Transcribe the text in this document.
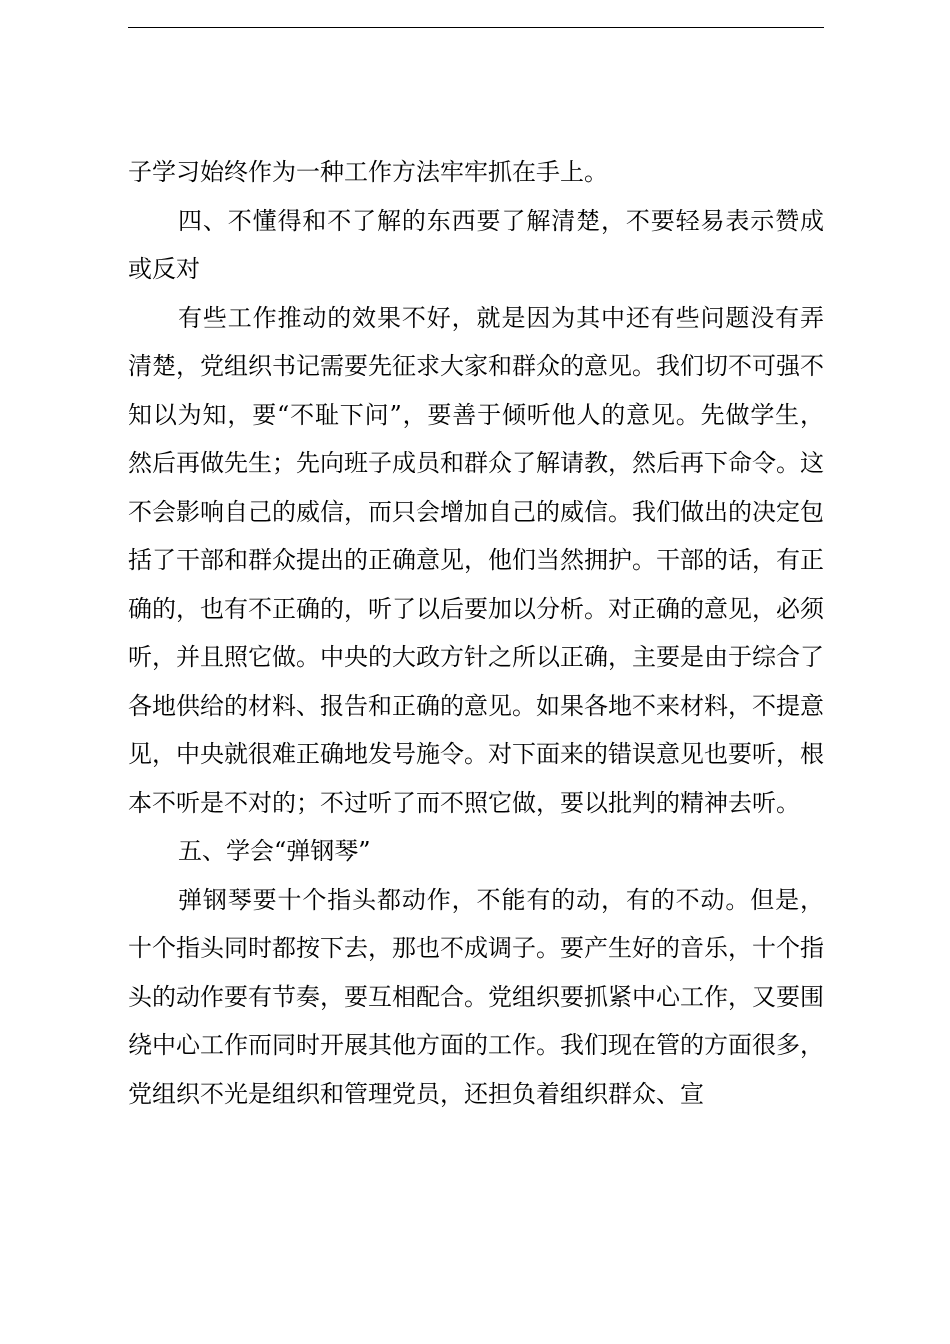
子学习始终作为一种工作方法牢牢抓在手上。

四、不懂得和不了解的东西要了解清楚，不要轻易表示赞成或反对

有些工作推动的效果不好，就是因为其中还有些问题没有弄清楚，党组织书记需要先征求大家和群众的意见。我们切不可强不知以为知，要“不耻下问”，要善于倾听他人的意见。先做学生，然后再做先生；先向班子成员和群众了解请教，然后再下命令。这不会影响自己的威信，而只会增加自己的威信。我们做出的决定包括了干部和群众提出的正确意见，他们当然拥护。干部的话，有正确的，也有不正确的，听了以后要加以分析。对正确的意见，必须听，并且照它做。中央的大政方针之所以正确，主要是由于综合了各地供给的材料、报告和正确的意见。如果各地不来材料，不提意见，中央就很难正确地发号施令。对下面来的错误意见也要听，根本不听是不对的；不过听了而不照它做，要以批判的精神去听。

五、学会“弹钢琴”

弹钢琴要十个指头都动作，不能有的动，有的不动。但是，十个指头同时都按下去，那也不成调子。要产生好的音乐，十个指头的动作要有节奏，要互相配合。党组织要抓紧中心工作，又要围绕中心工作而同时开展其他方面的工作。我们现在管的方面很多，党组织不光是组织和管理党员，还担负着组织群众、宣
